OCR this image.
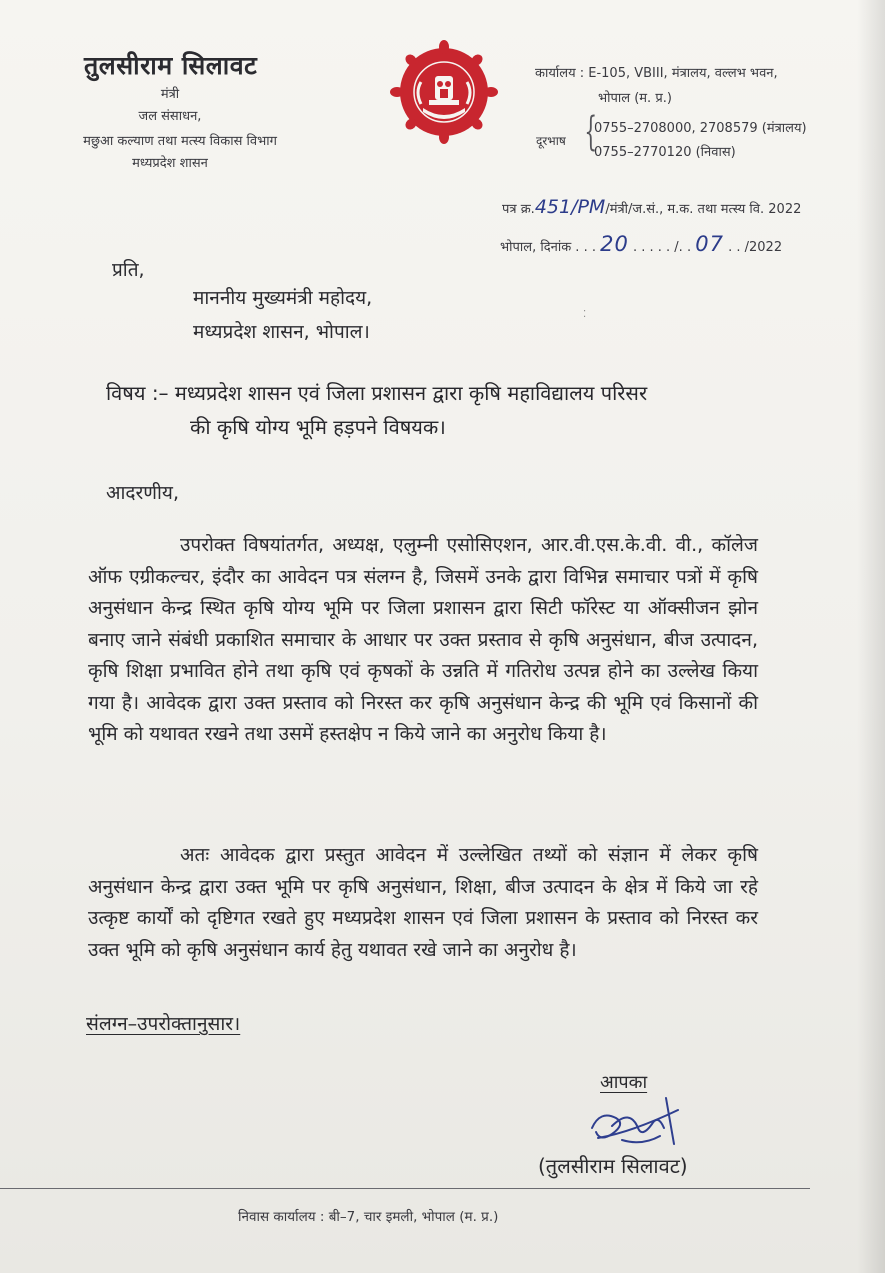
तुलसीराम सिलावट
मंत्री
जल संसाधन,
मछुआ कल्याण तथा मत्स्य विकास विभाग
मध्यप्रदेश शासन
कार्यालय : E-105, VBIII, मंत्रालय, वल्लभ भवन,
भोपाल (म. प्र.)
दूरभाष {
0755–2708000, 2708579 (मंत्रालय)
0755–2770120 (निवास)
पत्र क्र.451/PM/मंत्री/ज.सं., म.क. तथा मत्स्य वि. 2022
भोपाल, दिनांक . . . 20 . . . . . /. . 07 . . /2022
प्रति,
माननीय मुख्यमंत्री महोदय,
मध्यप्रदेश शासन, भोपाल।
⁚
विषय :– मध्यप्रदेश शासन एवं जिला प्रशासन द्वारा कृषि महाविद्यालय परिसर
की कृषि योग्य भूमि हड़पने विषयक।
आदरणीय,
उपरोक्त विषयांतर्गत, अध्यक्ष, एलुम्नी एसोसिएशन, आर.वी.एस.के.वी. वी., कॉलेज ऑफ एग्रीकल्चर, इंदौर का आवेदन पत्र संलग्न है, जिसमें उनके द्वारा विभिन्न समाचार पत्रों में कृषि अनुसंधान केन्द्र स्थित कृषि योग्य भूमि पर जिला प्रशासन द्वारा सिटी फॉरेस्ट या ऑक्सीजन झोन बनाए जाने संबंधी प्रकाशित समाचार के आधार पर उक्त प्रस्ताव से कृषि अनुसंधान, बीज उत्पादन, कृषि शिक्षा प्रभावित होने तथा कृषि एवं कृषकों के उन्नति में गतिरोध उत्पन्न होने का उल्लेख किया गया है। आवेदक द्वारा उक्त प्रस्ताव को निरस्त कर कृषि अनुसंधान केन्द्र की भूमि एवं किसानों की भूमि को यथावत रखने तथा उसमें हस्तक्षेप न किये जाने का अनुरोध किया है।
अतः आवेदक द्वारा प्रस्तुत आवेदन में उल्लेखित तथ्यों को संज्ञान में लेकर कृषि अनुसंधान केन्द्र द्वारा उक्त भूमि पर कृषि अनुसंधान, शिक्षा, बीज उत्पादन के क्षेत्र में किये जा रहे उत्कृष्ट कार्यों को दृष्टिगत रखते हुए मध्यप्रदेश शासन एवं जिला प्रशासन के प्रस्ताव को निरस्त कर उक्त भूमि को कृषि अनुसंधान कार्य हेतु यथावत रखे जाने का अनुरोध है।
संलग्न–उपरोक्तानुसार।
आपका
(तुलसीराम सिलावट)
निवास कार्यालय : बी–7, चार इमली, भोपाल (म. प्र.)
